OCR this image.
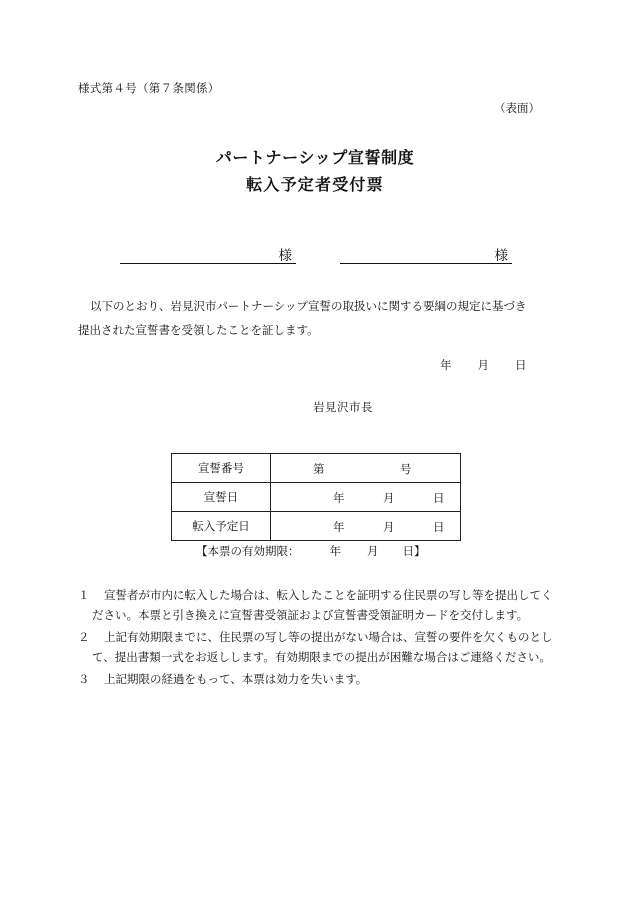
様式第４号（第７条関係）
（表面）
パートナーシップ宣誓制度
転入予定者受付票
様	様
以下のとおり、岩見沢市パートナーシップ宣誓の取扱いに関する要綱の規定に基づき
提出された宣誓書を受領したことを証します。
年 月 日
岩見沢市長
宣誓番号	第 号

宣誓日	年 月 日

転入予定日	年 月 日
【本票の有効期限：	年 月 日】
１	宣誓者が市内に転入した場合は、転入したことを証明する住民票の写し等を提出してください。本票と引き換えに宣誓書受領証および宣誓書受領証明カードを交付します。
２	上記有効期限までに、住民票の写し等の提出がない場合は、宣誓の要件を欠くものとして、提出書類一式をお返しします。有効期限までの提出が困難な場合はご連絡ください。
３	上記期限の経過をもって、本票は効力を失います。
